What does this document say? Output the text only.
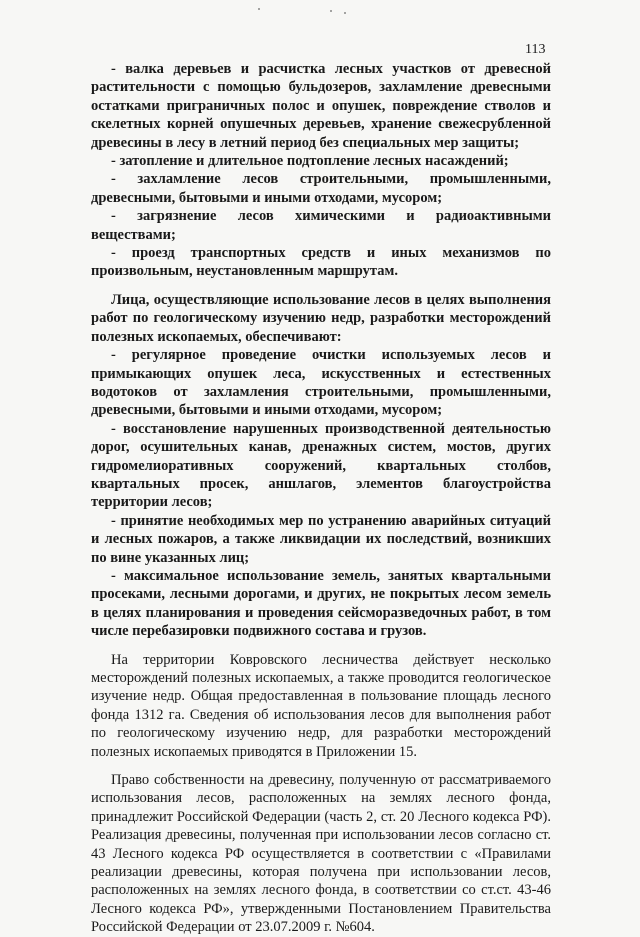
113

- валка деревьев и расчистка лесных участков от древесной растительности с помощью бульдозеров, захламление древесными остатками приграничных полос и опушек, повреждение стволов и скелетных корней опушечных деревьев, хранение свежесрубленной древесины в лесу в летний период без специальных мер защиты;

- затопление и длительное подтопление лесных насаждений;

- захламление лесов строительными, промышленными, древесными, бытовыми и иными отходами, мусором;

- загрязнение лесов химическими и радиоактивными веществами;

- проезд транспортных средств и иных механизмов по произвольным, неустановленным маршрутам.

Лица, осуществляющие использование лесов в целях выполнения работ по геологическому изучению недр, разработки месторождений полезных ископаемых, обеспечивают:

- регулярное проведение очистки используемых лесов и примыкающих опушек леса, искусственных и естественных водотоков от захламления строительными, промышленными, древесными, бытовыми и иными отходами, мусором;

- восстановление нарушенных производственной деятельностью дорог, осушительных канав, дренажных систем, мостов, других гидромелиоративных сооружений, квартальных столбов, квартальных просек, аншлагов, элементов благоустройства территории лесов;

- принятие необходимых мер по устранению аварийных ситуаций и лесных пожаров, а также ликвидации их последствий, возникших по вине указанных лиц;

- максимальное использование земель, занятых квартальными просеками, лесными дорогами, и других, не покрытых лесом земель в целях планирования и проведения сейсморазведочных работ, в том числе перебазировки подвижного состава и грузов.

На территории Ковровского лесничества действует несколько месторождений полезных ископаемых, а также проводится геологическое изучение недр. Общая предоставленная в пользование площадь лесного фонда 1312 га. Сведения об использования лесов для выполнения работ по геологическому изучению недр, для разработки месторождений полезных ископаемых приводятся в Приложении 15.

Право собственности на древесину, полученную от рассматриваемого использования лесов, расположенных на землях лесного фонда, принадлежит Российской Федерации (часть 2, ст. 20 Лесного кодекса РФ). Реализация древесины, полученная при использовании лесов согласно ст. 43 Лесного кодекса РФ осуществляется в соответствии с «Правилами реализации древесины, которая получена при использовании лесов, расположенных на землях лесного фонда, в соответствии со ст.ст. 43-46 Лесного кодекса РФ», утвержденными Постановлением Правительства Российской Федерации от 23.07.2009 г. №604.
